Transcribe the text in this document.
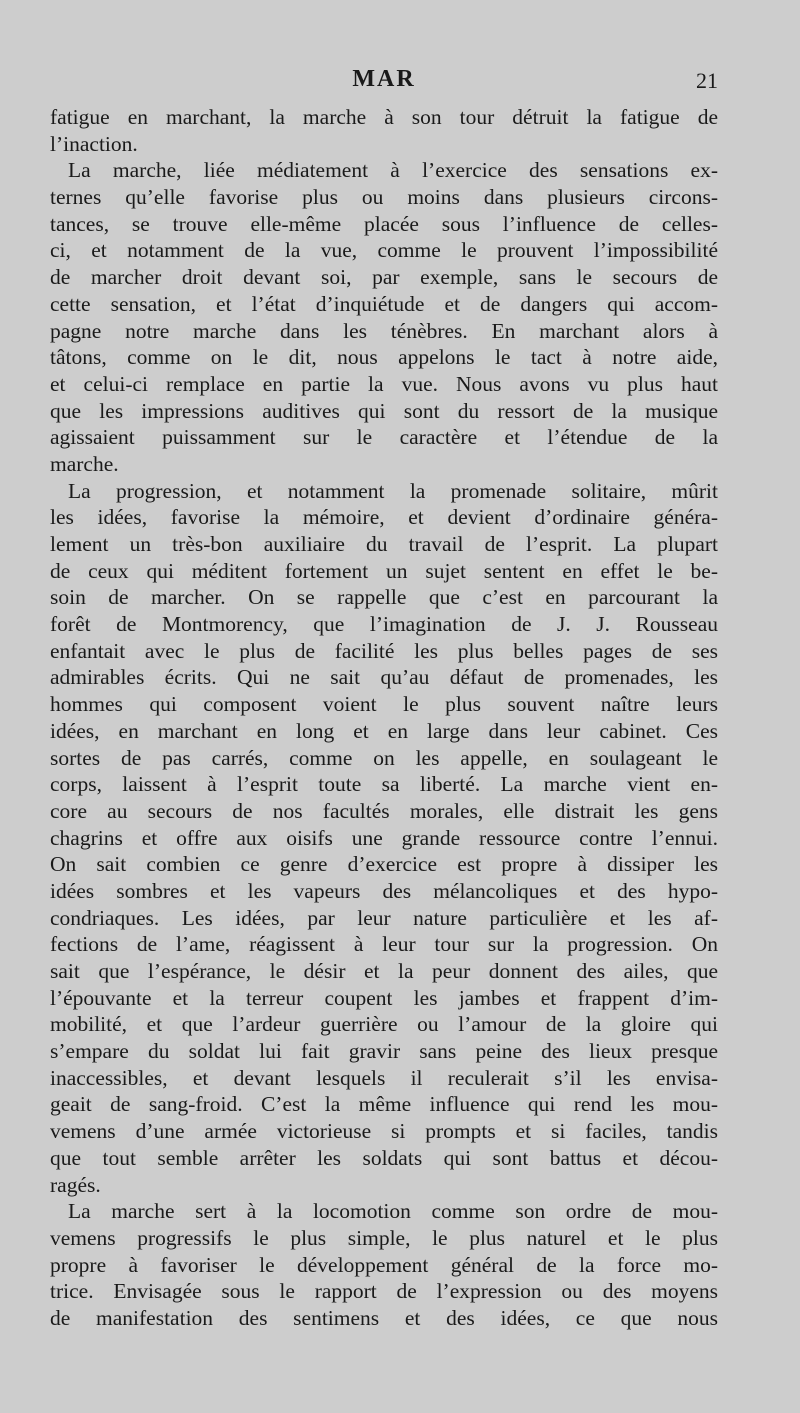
MAR	21
fatigue en marchant, la marche à son tour détruit la fatigue de
l’inaction.
La marche, liée médiatement à l’exercice des sensations ex-
ternes qu’elle favorise plus ou moins dans plusieurs circons-
tances, se trouve elle-même placée sous l’influence de celles-
ci, et notamment de la vue, comme le prouvent l’impossibilité
de marcher droit devant soi, par exemple, sans le secours de
cette sensation, et l’état d’inquiétude et de dangers qui accom-
pagne notre marche dans les ténèbres. En marchant alors à
tâtons, comme on le dit, nous appelons le tact à notre aide,
et celui-ci remplace en partie la vue. Nous avons vu plus haut
que les impressions auditives qui sont du ressort de la musique
agissaient puissamment sur le caractère et l’étendue de la
marche.
La progression, et notamment la promenade solitaire, mûrit
les idées, favorise la mémoire, et devient d’ordinaire généra-
lement un très-bon auxiliaire du travail de l’esprit. La plupart
de ceux qui méditent fortement un sujet sentent en effet le be-
soin de marcher. On se rappelle que c’est en parcourant la
forêt de Montmorency, que l’imagination de J. J. Rousseau
enfantait avec le plus de facilité les plus belles pages de ses
admirables écrits. Qui ne sait qu’au défaut de promenades, les
hommes qui composent voient le plus souvent naître leurs
idées, en marchant en long et en large dans leur cabinet. Ces
sortes de pas carrés, comme on les appelle, en soulageant le
corps, laissent à l’esprit toute sa liberté. La marche vient en-
core au secours de nos facultés morales, elle distrait les gens
chagrins et offre aux oisifs une grande ressource contre l’ennui.
On sait combien ce genre d’exercice est propre à dissiper les
idées sombres et les vapeurs des mélancoliques et des hypo-
condriaques. Les idées, par leur nature particulière et les af-
fections de l’ame, réagissent à leur tour sur la progression. On
sait que l’espérance, le désir et la peur donnent des ailes, que
l’épouvante et la terreur coupent les jambes et frappent d’im-
mobilité, et que l’ardeur guerrière ou l’amour de la gloire qui
s’empare du soldat lui fait gravir sans peine des lieux presque
inaccessibles, et devant lesquels il reculerait s’il les envisa-
geait de sang-froid. C’est la même influence qui rend les mou-
vemens d’une armée victorieuse si prompts et si faciles, tandis
que tout semble arrêter les soldats qui sont battus et décou-
ragés.
La marche sert à la locomotion comme son ordre de mou-
vemens progressifs le plus simple, le plus naturel et le plus
propre à favoriser le développement général de la force mo-
trice. Envisagée sous le rapport de l’expression ou des moyens
de manifestation des sentimens et des idées, ce que nous
